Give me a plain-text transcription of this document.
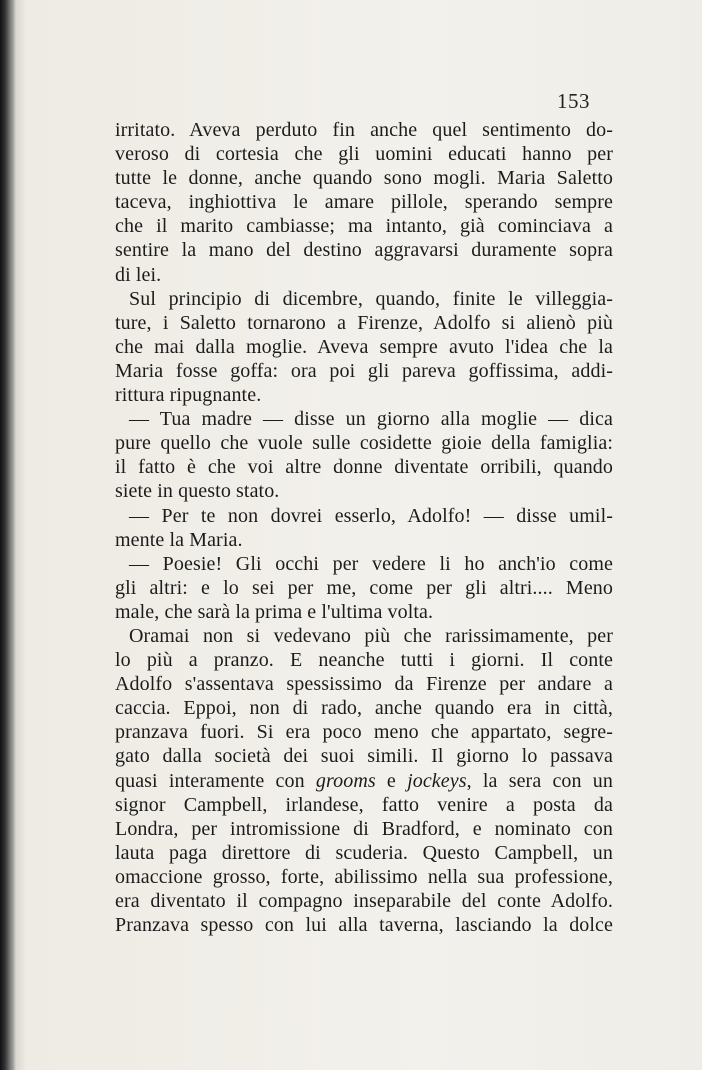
153
irritato. Aveva perduto fin anche quel sentimento do-
veroso di cortesia che gli uomini educati hanno per
tutte le donne, anche quando sono mogli. Maria Saletto
taceva, inghiottiva le amare pillole, sperando sempre
che il marito cambiasse; ma intanto, già cominciava a
sentire la mano del destino aggravarsi duramente sopra
di lei.
Sul principio di dicembre, quando, finite le villeggia-
ture, i Saletto tornarono a Firenze, Adolfo si alienò più
che mai dalla moglie. Aveva sempre avuto l'idea che la
Maria fosse goffa: ora poi gli pareva goffissima, addi-
rittura ripugnante.
— Tua madre — disse un giorno alla moglie — dica
pure quello che vuole sulle cosidette gioie della famiglia:
il fatto è che voi altre donne diventate orribili, quando
siete in questo stato.
— Per te non dovrei esserlo, Adolfo! — disse umil-
mente la Maria.
— Poesie! Gli occhi per vedere li ho anch'io come
gli altri: e lo sei per me, come per gli altri.... Meno
male, che sarà la prima e l'ultima volta.
Oramai non si vedevano più che rarissimamente, per
lo più a pranzo. E neanche tutti i giorni. Il conte
Adolfo s'assentava spessissimo da Firenze per andare a
caccia. Eppoi, non di rado, anche quando era in città,
pranzava fuori. Si era poco meno che appartato, segre-
gato dalla società dei suoi simili. Il giorno lo passava
quasi interamente con grooms e jockeys, la sera con un
signor Campbell, irlandese, fatto venire a posta da
Londra, per intromissione di Bradford, e nominato con
lauta paga direttore di scuderia. Questo Campbell, un
omaccione grosso, forte, abilissimo nella sua professione,
era diventato il compagno inseparabile del conte Adolfo.
Pranzava spesso con lui alla taverna, lasciando la dolce
